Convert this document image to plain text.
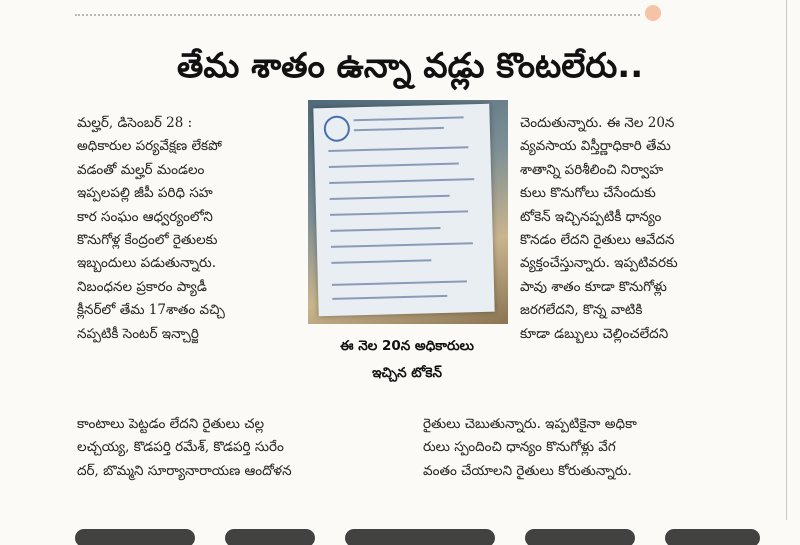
తేమ శాతం ఉన్నా వడ్లు కొంటలేరు..
మల్హర్, డిసెంబర్ 28 :
అధికారుల పర్యవేక్షణ లేకపో
వడంతో మల్హర్ మండలం
ఇప్పలపల్లి జీపీ పరిధి సహ
కార సంఘం ఆధ్వర్యంలోని
కొనుగోళ్ల కేంద్రంలో రైతులకు
ఇబ్బందులు పడుతున్నారు.
నిబంధనల ప్రకారం ప్యాడీ
క్లీనర్‌లో తేమ 17శాతం వచ్చి
నప్పటికీ సెంటర్ ఇన్చార్జి
ఈ నెల 20న అధికారులు
ఇచ్చిన టోకెన్
చెందుతున్నారు. ఈ నెల 20న
వ్యవసాయ విస్తీర్ణాధికారి తేమ
శాతాన్ని పరిశీలించి నిర్వాహ
కులు కొనుగోలు చేసేందుకు
టోకెన్ ఇచ్చినప్పటికీ ధాన్యం
కొనడం లేదని రైతులు ఆవేదన
వ్యక్తంచేస్తున్నారు. ఇప్పటివరకు
పావు శాతం కూడా కొనుగోళ్లు
జరగలేదని, కొన్న వాటికి
కూడా డబ్బులు చెల్లించలేదని
కాంటాలు పెట్టడం లేదని రైతులు చల్ల
లచ్చయ్య, కొడపర్తి రమేశ్, కొడపర్తి సురేం
దర్, బొమ్మని సూర్యానారాయణ ఆందోళన
రైతులు చెబుతున్నారు. ఇప్పటికైనా అధికా
రులు స్పందించి ధాన్యం కొనుగోళ్లు వేగ
వంతం చేయాలని రైతులు కోరుతున్నారు.
